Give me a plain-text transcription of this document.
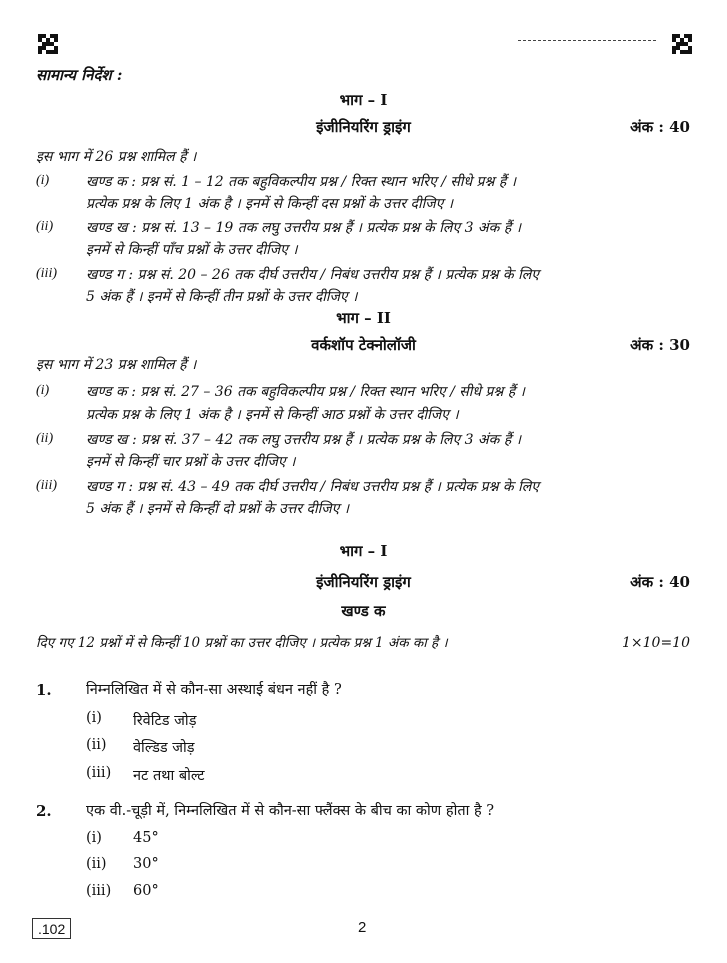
सामान्य निर्देश :
भाग – I
इंजीनियरिंग ड्राइंग	अंक : 40
इस भाग में 26 प्रश्न शामिल हैं ।
(i)	खण्ड क : प्रश्न सं. 1 – 12 तक बहुविकल्पीय प्रश्न / रिक्त स्थान भरिए / सीधे प्रश्न हैं ।
प्रत्येक प्रश्न के लिए 1 अंक है । इनमें से किन्हीं दस प्रश्नों के उत्तर दीजिए ।
(ii) खण्ड ख : प्रश्न सं. 13 – 19 तक लघु उत्तरीय प्रश्न हैं । प्रत्येक प्रश्न के लिए 3 अंक हैं ।
इनमें से किन्हीं पाँच प्रश्नों के उत्तर दीजिए ।
(iii) खण्ड ग : प्रश्न सं. 20 – 26 तक दीर्घ उत्तरीय / निबंध उत्तरीय प्रश्न हैं । प्रत्येक प्रश्न के लिए
5 अंक हैं । इनमें से किन्हीं तीन प्रश्नों के उत्तर दीजिए ।
भाग – II
वर्कशॉप टेक्नोलॉजी	अंक : 30
इस भाग में 23 प्रश्न शामिल हैं ।
(i)	खण्ड क : प्रश्न सं. 27 – 36 तक बहुविकल्पीय प्रश्न / रिक्त स्थान भरिए / सीधे प्रश्न हैं ।
प्रत्येक प्रश्न के लिए 1 अंक है । इनमें से किन्हीं आठ प्रश्नों के उत्तर दीजिए ।
(ii) खण्ड ख : प्रश्न सं. 37 – 42 तक लघु उत्तरीय प्रश्न हैं । प्रत्येक प्रश्न के लिए 3 अंक हैं ।
इनमें से किन्हीं चार प्रश्नों के उत्तर दीजिए ।
(iii) खण्ड ग : प्रश्न सं. 43 – 49 तक दीर्घ उत्तरीय / निबंध उत्तरीय प्रश्न हैं । प्रत्येक प्रश्न के लिए
5 अंक हैं । इनमें से किन्हीं दो प्रश्नों के उत्तर दीजिए ।
भाग – I
इंजीनियरिंग ड्राइंग	अंक : 40
खण्ड क
दिए गए 12 प्रश्नों में से किन्हीं 10 प्रश्नों का उत्तर दीजिए । प्रत्येक प्रश्न 1 अंक का है ।	1×10=10
1. निम्नलिखित में से कौन-सा अस्थाई बंधन नहीं है ?
(i) रिवेटिड जोड़
(ii) वेल्डिड जोड़
(iii) नट तथा बोल्ट
2. एक वी.-चूड़ी में, निम्नलिखित में से कौन-सा फ्लैंक्स के बीच का कोण होता है ?
(i) 45°
(ii) 30°
(iii) 60°
.102	2
